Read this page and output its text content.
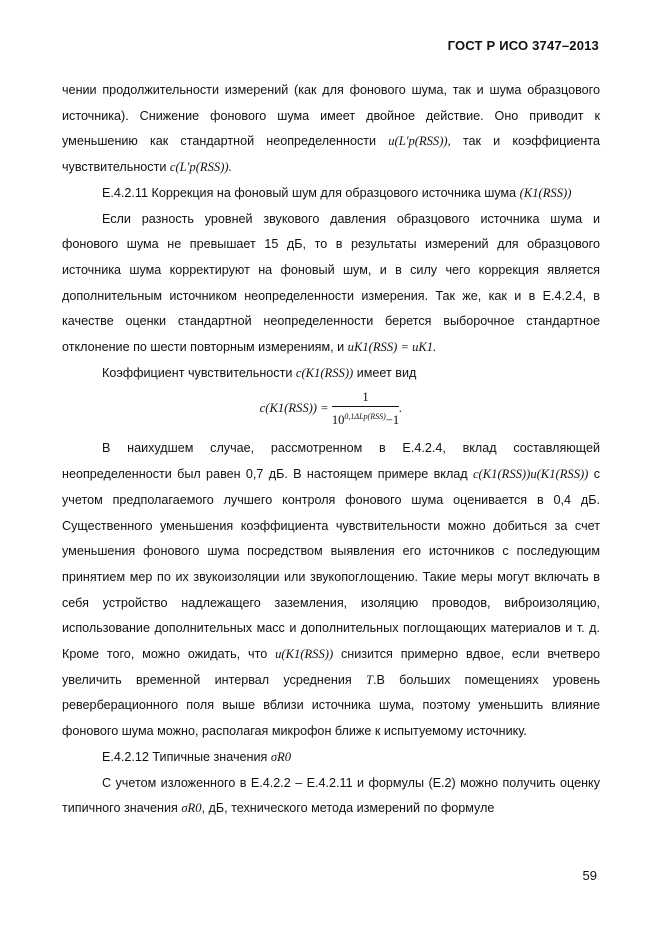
ГОСТ Р ИСО 3747–2013

чении продолжительности измерений (как для фонового шума, так и шума образцового источника). Снижение фонового шума имеет двойное действие. Оно приводит к уменьшению как стандартной неопределенности u(L′p(RSS)), так и коэффициента чувствительности c(L′p(RSS)).

Е.4.2.11 Коррекция на фоновый шум для образцового источника шума (K1(RSS))

Если разность уровней звукового давления образцового источника шума и фонового шума не превышает 15 дБ, то в результаты измерений для образцового источника шума корректируют на фоновый шум, и в силу чего коррекция является дополнительным источником неопределенности измерения. Так же, как и в Е.4.2.4, в качестве оценки стандартной неопределенности берется выборочное стандартное отклонение по шести повторным измерениям, и uK1(RSS) = uK1.

Коэффициент чувствительности c(K1(RSS)) имеет вид

$c(K1(RSS)) = \frac{1}{10^{0,1\Delta Lp(RSS)}-1}$ .

В наихудшем случае, рассмотренном в Е.4.2.4, вклад составляющей неопределенности был равен 0,7 дБ. В настоящем примере вклад c(K1(RSS))u(K1(RSS)) с учетом предполагаемого лучшего контроля фонового шума оценивается в 0,4 дБ. Существенного уменьшения коэффициента чувствительности можно добиться за счет уменьшения фонового шума посредством выявления его источников с последующим принятием мер по их звукоизоляции или звукопоглощению. Такие меры могут включать в себя устройство надлежащего заземления, изоляцию проводов, виброизоляцию, использование дополнительных масс и дополнительных поглощающих материалов и т. д. Кроме того, можно ожидать, что u(K1(RSS)) снизится примерно вдвое, если вчетверо увеличить временной интервал усреднения T.В больших помещениях уровень реверберационного поля выше вблизи источника шума, поэтому уменьшить влияние фонового шума можно, располагая микрофон ближе к испытуемому источнику.

Е.4.2.12 Типичные значения σR0

С учетом изложенного в Е.4.2.2 – Е.4.2.11 и формулы (Е.2) можно получить оценку типичного значения σR0, дБ, технического метода измерений по формуле

59
